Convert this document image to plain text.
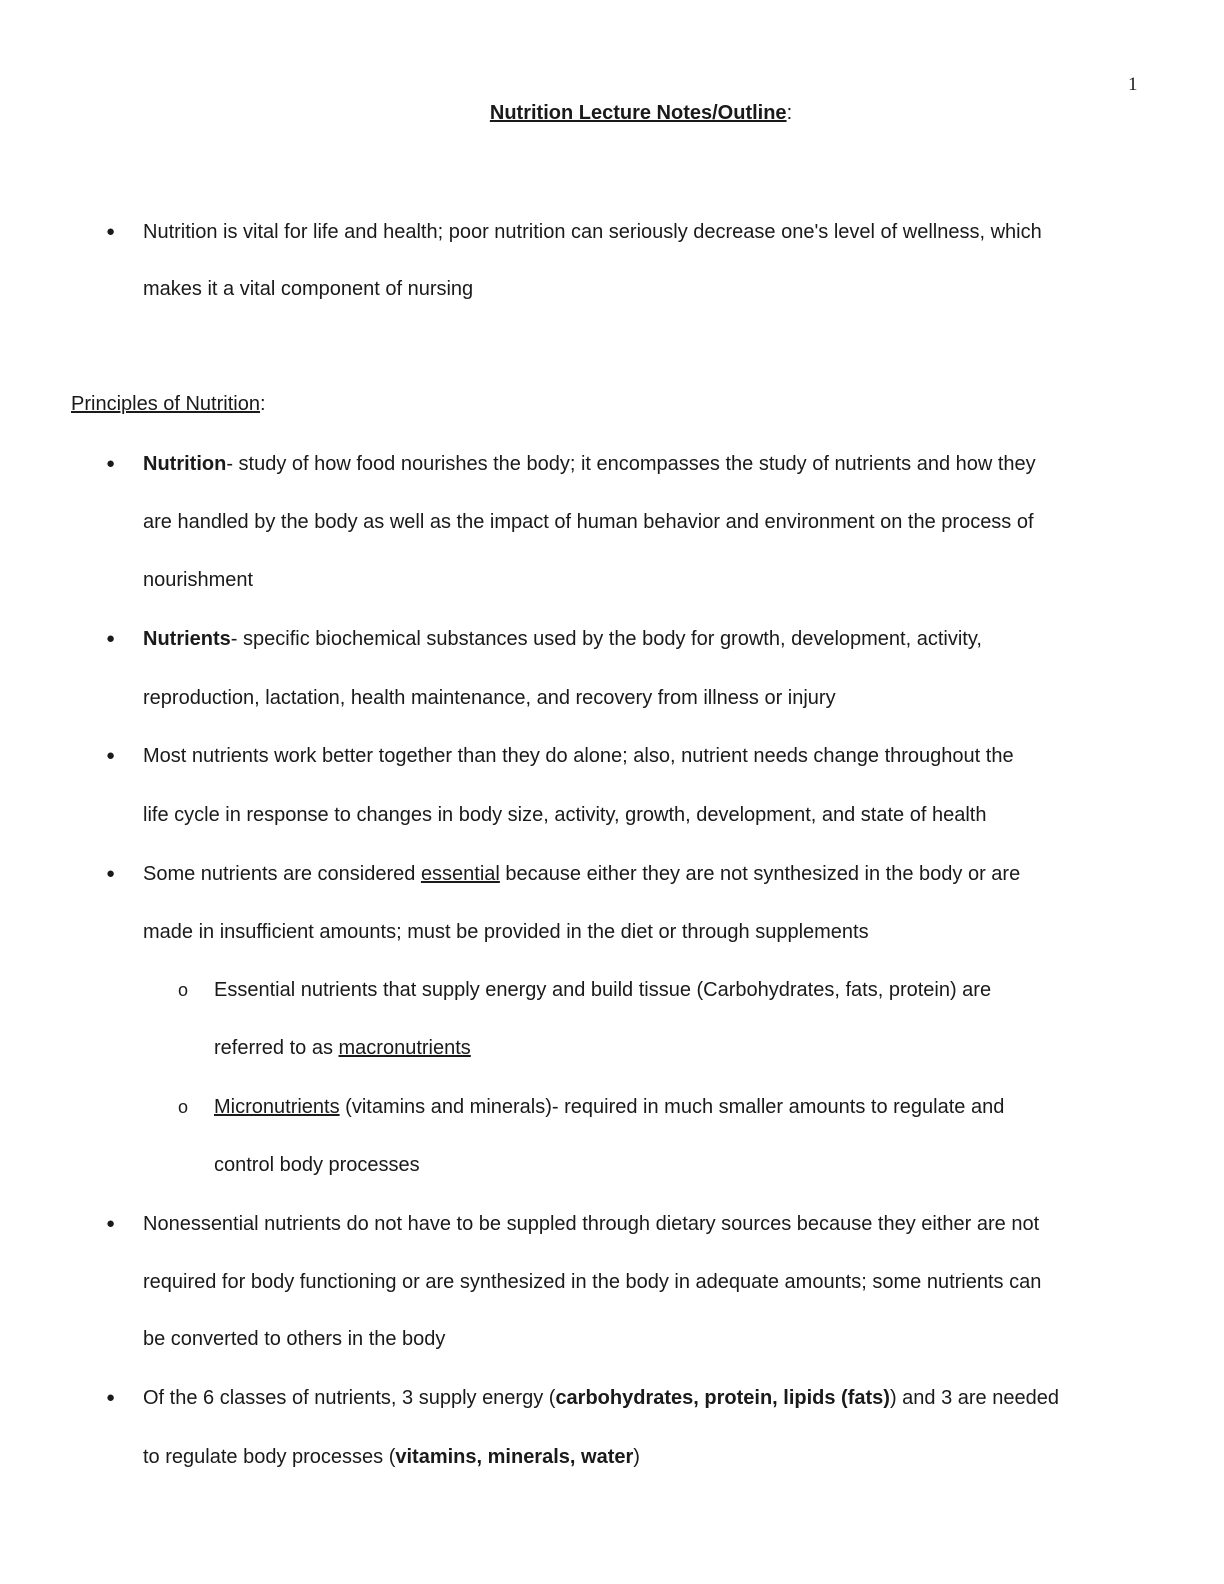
1
Nutrition Lecture Notes/Outline:
● Nutrition is vital for life and health; poor nutrition can seriously decrease one's level of wellness, which
makes it a vital component of nursing
Principles of Nutrition:
● Nutrition- study of how food nourishes the body; it encompasses the study of nutrients and how they
are handled by the body as well as the impact of human behavior and environment on the process of
nourishment
● Nutrients- specific biochemical substances used by the body for growth, development, activity,
reproduction, lactation, health maintenance, and recovery from illness or injury
● Most nutrients work better together than they do alone; also, nutrient needs change throughout the
life cycle in response to changes in body size, activity, growth, development, and state of health
● Some nutrients are considered essential because either they are not synthesized in the body or are
made in insufficient amounts; must be provided in the diet or through supplements
o Essential nutrients that supply energy and build tissue (Carbohydrates, fats, protein) are
referred to as macronutrients
o Micronutrients (vitamins and minerals)- required in much smaller amounts to regulate and
control body processes
● Nonessential nutrients do not have to be suppled through dietary sources because they either are not
required for body functioning or are synthesized in the body in adequate amounts; some nutrients can
be converted to others in the body
● Of the 6 classes of nutrients, 3 supply energy (carbohydrates, protein, lipids (fats)) and 3 are needed
to regulate body processes (vitamins, minerals, water)
